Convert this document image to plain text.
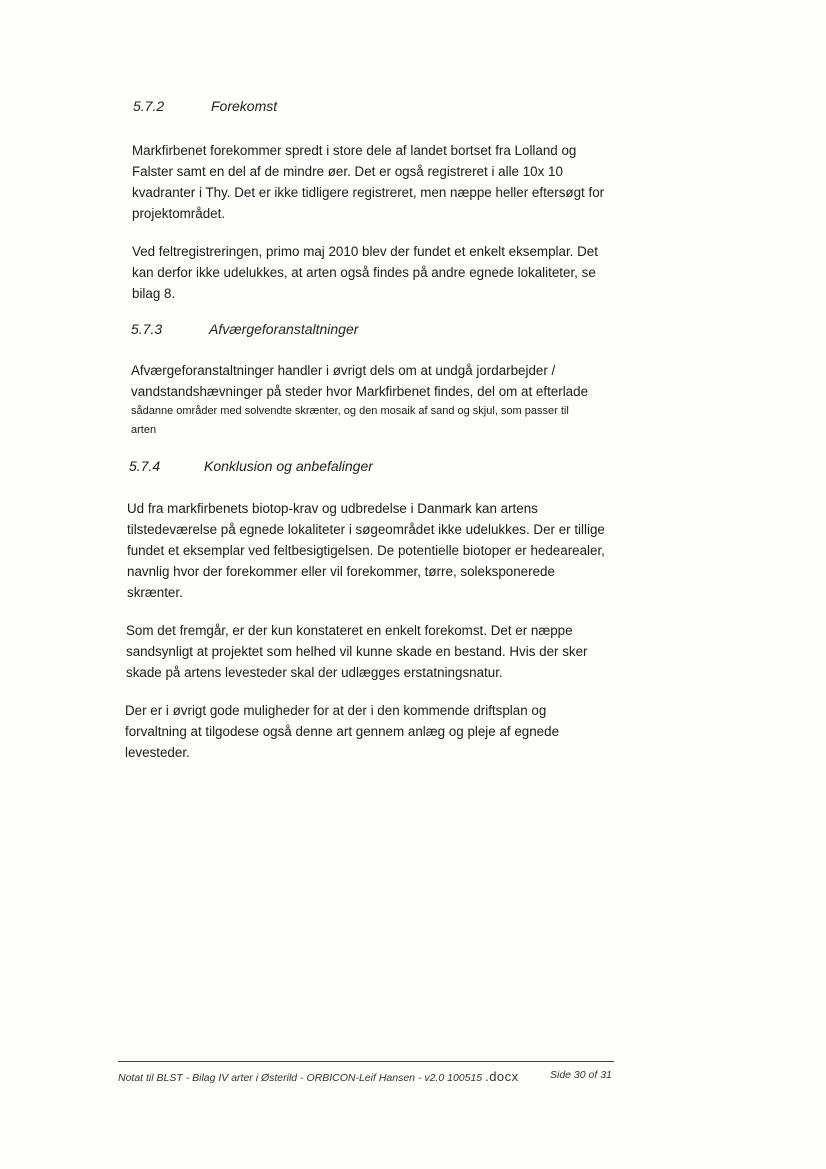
5.7.2	Forekomst
Markfirbenet forekommer spredt i store dele af landet bortset fra Lolland og
Falster samt en del af de mindre øer. Det er også registreret i alle 10x 10
kvadranter i Thy. Det er ikke tidligere registreret, men næppe heller eftersøgt for
projektområdet.
Ved feltregistreringen, primo maj 2010 blev der fundet et enkelt eksemplar. Det
kan derfor ikke udelukkes, at arten også findes på andre egnede lokaliteter, se
bilag 8.
5.7.3	Afværgeforanstaltninger
Afværgeforanstaltninger handler i øvrigt dels om at undgå jordarbejder /
vandstandshævninger på steder hvor Markfirbenet findes, del om at efterlade
sådanne områder med solvendte skrænter, og den mosaik af sand og skjul, som passer til
arten
5.7.4	Konklusion og anbefalinger
Ud fra markfirbenets biotop-krav og udbredelse i Danmark kan artens
tilstedeværelse på egnede lokaliteter i søgeområdet ikke udelukkes. Der er tillige
fundet et eksemplar ved feltbesigtigelsen. De potentielle biotoper er hedearealer,
navnlig hvor der forekommer eller vil forekommer, tørre, soleksponerede
skrænter.
Som det fremgår, er der kun konstateret en enkelt forekomst. Det er næppe
sandsynligt at projektet som helhed vil kunne skade en bestand. Hvis der sker
skade på artens levesteder skal der udlægges erstatningsnatur.
Der er i øvrigt gode muligheder for at der i den kommende driftsplan og
forvaltning at tilgodese også denne art gennem anlæg og pleje af egnede
levesteder.
Notat til BLST - Bilag IV arter i Østerild - ORBICON-Leif Hansen - v2.0 100515 .docx	Side 30 of 31
